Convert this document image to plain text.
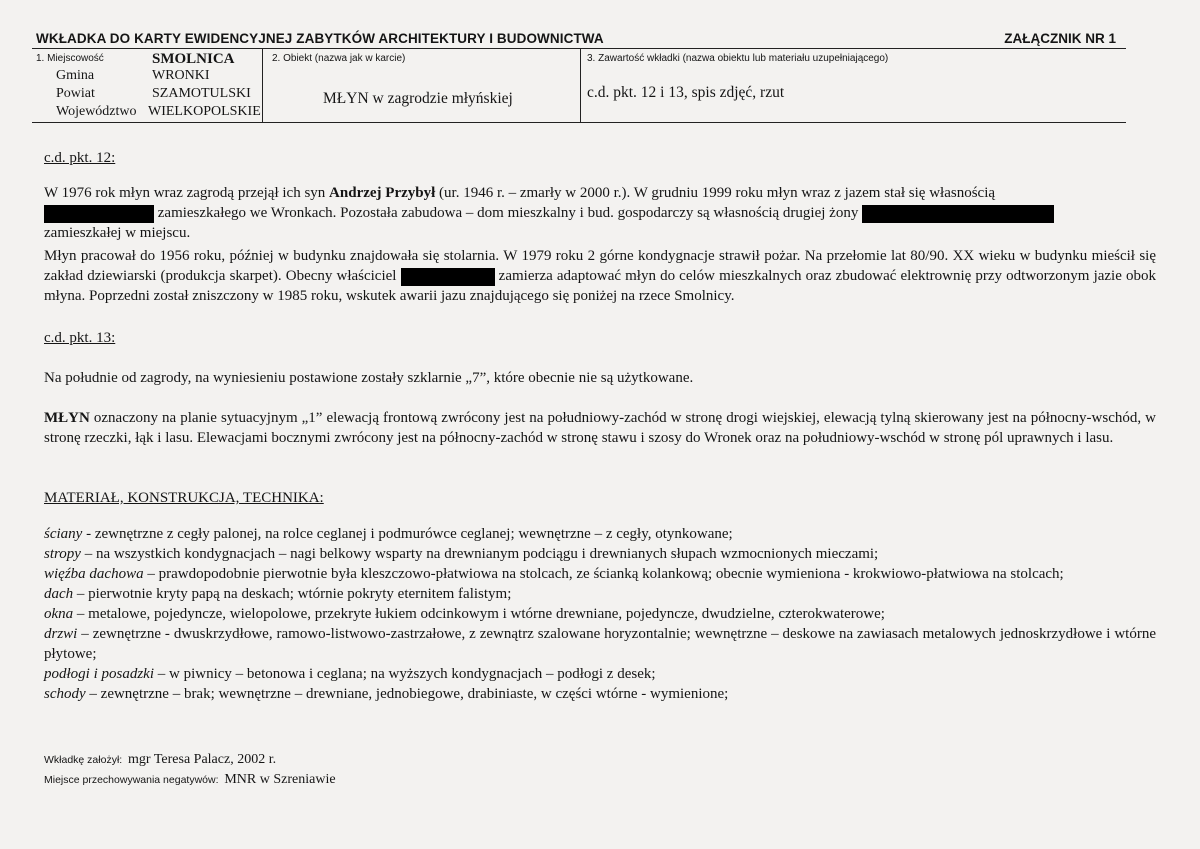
WKŁADKA DO KARTY EWIDENCYJNEJ ZABYTKÓW ARCHITEKTURY I BUDOWNICTWA	ZAŁĄCZNIK NR 1
1. Miejscowość	SMOLNICA
Gmina	WRONKI
Powiat	SZAMOTULSKI
Województwo WIELKOPOLSKIE
2. Obiekt (nazwa jak w karcie)
MŁYN w zagrodzie młyńskiej
3. Zawartość wkładki (nazwa obiektu lub materiału uzupełniającego)
c.d. pkt. 12 i 13, spis zdjęć, rzut
c.d. pkt. 12:
W 1976 rok młyn wraz zagrodą przejął ich syn Andrzej Przybył (ur. 1946 r. – zmarły w 2000 r.). W grudniu 1999 roku młyn wraz z jazem stał się własnością
zamieszkałego we Wronkach. Pozostała zabudowa – dom mieszkalny i bud. gospodarczy są własnością drugiej żony
zamieszkałej w miejscu.
Młyn pracował do 1956 roku, później w budynku znajdowała się stolarnia. W 1979 roku 2 górne kondygnacje strawił pożar. Na przełomie lat 80/90. XX wieku w budynku mieścił się zakład dziewiarski (produkcja skarpet). Obecny właściciel	zamierza adaptować młyn do celów mieszkalnych oraz zbudować elektrownię przy odtworzonym jazie obok młyna. Poprzedni został zniszczony w 1985 roku, wskutek awarii jazu znajdującego się poniżej na rzece Smolnicy.
c.d. pkt. 13:
Na południe od zagrody, na wyniesieniu postawione zostały szklarnie „7”, które obecnie nie są użytkowane.
MŁYN oznaczony na planie sytuacyjnym „1” elewacją frontową zwrócony jest na południowy-zachód w stronę drogi wiejskiej, elewacją tylną skierowany jest na północny-wschód, w stronę rzeczki, łąk i lasu. Elewacjami bocznymi zwrócony jest na północny-zachód w stronę stawu i szosy do Wronek oraz na południowy-wschód w stronę pól uprawnych i lasu.
MATERIAŁ, KONSTRUKCJA, TECHNIKA:
ściany - zewnętrzne z cegły palonej, na rolce ceglanej i podmurówce ceglanej; wewnętrzne – z cegły, otynkowane;
stropy – na wszystkich kondygnacjach – nagi belkowy wsparty na drewnianym podciągu i drewnianych słupach wzmocnionych mieczami;
więźba dachowa – prawdopodobnie pierwotnie była kleszczowo-płatwiowa na stolcach, ze ścianką kolankową; obecnie wymieniona - krokwiowo-płatwiowa na stolcach;
dach – pierwotnie kryty papą na deskach; wtórnie pokryty eternitem falistym;
okna – metalowe, pojedyncze, wielopolowe, przekryte łukiem odcinkowym i wtórne drewniane, pojedyncze, dwudzielne, czterokwaterowe;
drzwi – zewnętrzne - dwuskrzydłowe, ramowo-listwowo-zastrzałowe, z zewnątrz szalowane horyzontalnie; wewnętrzne – deskowe na zawiasach metalowych jednoskrzydłowe i wtórne płytowe;
podłogi i posadzki – w piwnicy – betonowa i ceglana; na wyższych kondygnacjach – podłogi z desek;
schody – zewnętrzne – brak; wewnętrzne – drewniane, jednobiegowe, drabiniaste, w części wtórne - wymienione;
Wkładkę założył: mgr Teresa Palacz, 2002 r.
Miejsce przechowywania negatywów: MNR w Szreniawie
